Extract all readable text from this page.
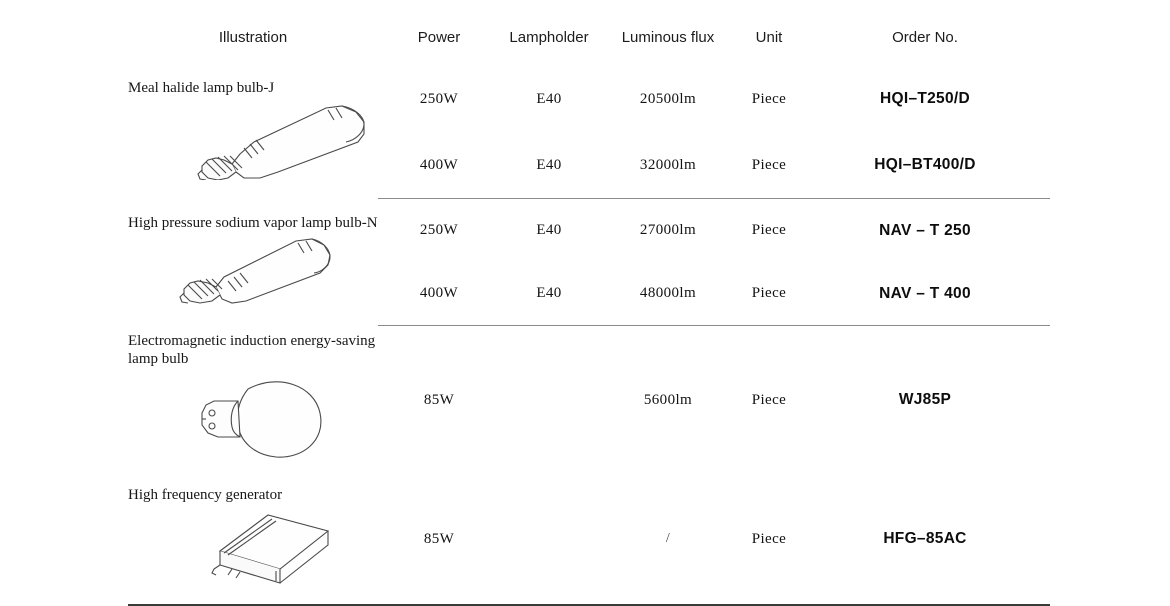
Illustration	Power	Lampholder	Luminous flux	Unit	Order No.

Meal halide lamp bulb-J	250W	E40	20500lm	Piece	HQI–T250/D
	400W	E40	32000lm	Piece	HQI–BT400/D

High pressure sodium vapor lamp bulb-N	250W	E40	27000lm	Piece	NAV – T 250
	400W	E40	48000lm	Piece	NAV – T 400

Electromagnetic induction energy-saving lamp bulb	85W		5600lm	Piece	WJ85P

High frequency generator	85W		/	Piece	HFG–85AC
